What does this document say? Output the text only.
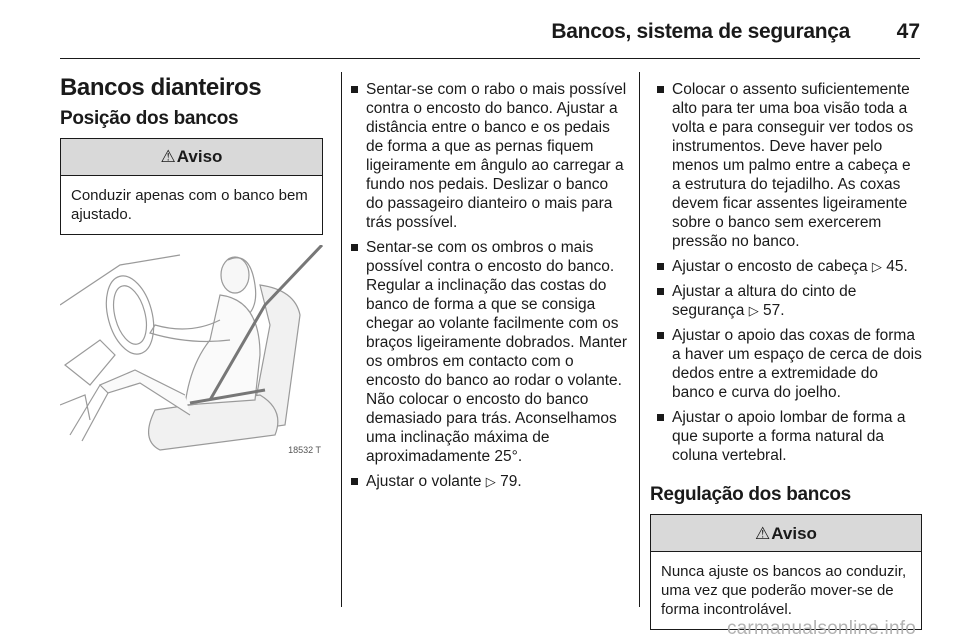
Bancos, sistema de segurança 47
Bancos dianteiros
Posição dos bancos
⚠ Aviso
Conduzir apenas com o banco bem ajustado.
18532 T
Sentar-se com o rabo o mais possível contra o encosto do banco. Ajustar a distância entre o banco e os pedais de forma a que as pernas fiquem ligeiramente em ângulo ao carregar a fundo nos pedais. Deslizar o banco do passageiro dianteiro o mais para trás possível.
Sentar-se com os ombros o mais possível contra o encosto do banco. Regular a inclinação das costas do banco de forma a que se consiga chegar ao volante facilmente com os braços ligeiramente dobrados. Manter os ombros em contacto com o encosto do banco ao rodar o volante. Não colocar o encosto do banco demasiado para trás. Aconselhamos uma inclinação máxima de aproximadamente 25°.
Ajustar o volante ▷ 79.
Colocar o assento suficientemente alto para ter uma boa visão toda a volta e para conseguir ver todos os instrumentos. Deve haver pelo menos um palmo entre a cabeça e a estrutura do tejadilho. As coxas devem ficar assentes ligeiramente sobre o banco sem exercerem pressão no banco.
Ajustar o encosto de cabeça ▷ 45.
Ajustar a altura do cinto de segurança ▷ 57.
Ajustar o apoio das coxas de forma a haver um espaço de cerca de dois dedos entre a extremidade do banco e curva do joelho.
Ajustar o apoio lombar de forma a que suporte a forma natural da coluna vertebral.
Regulação dos bancos
⚠ Aviso
Nunca ajuste os bancos ao conduzir, uma vez que poderão mover-se de forma incontrolável.
carmanualsonline.info
